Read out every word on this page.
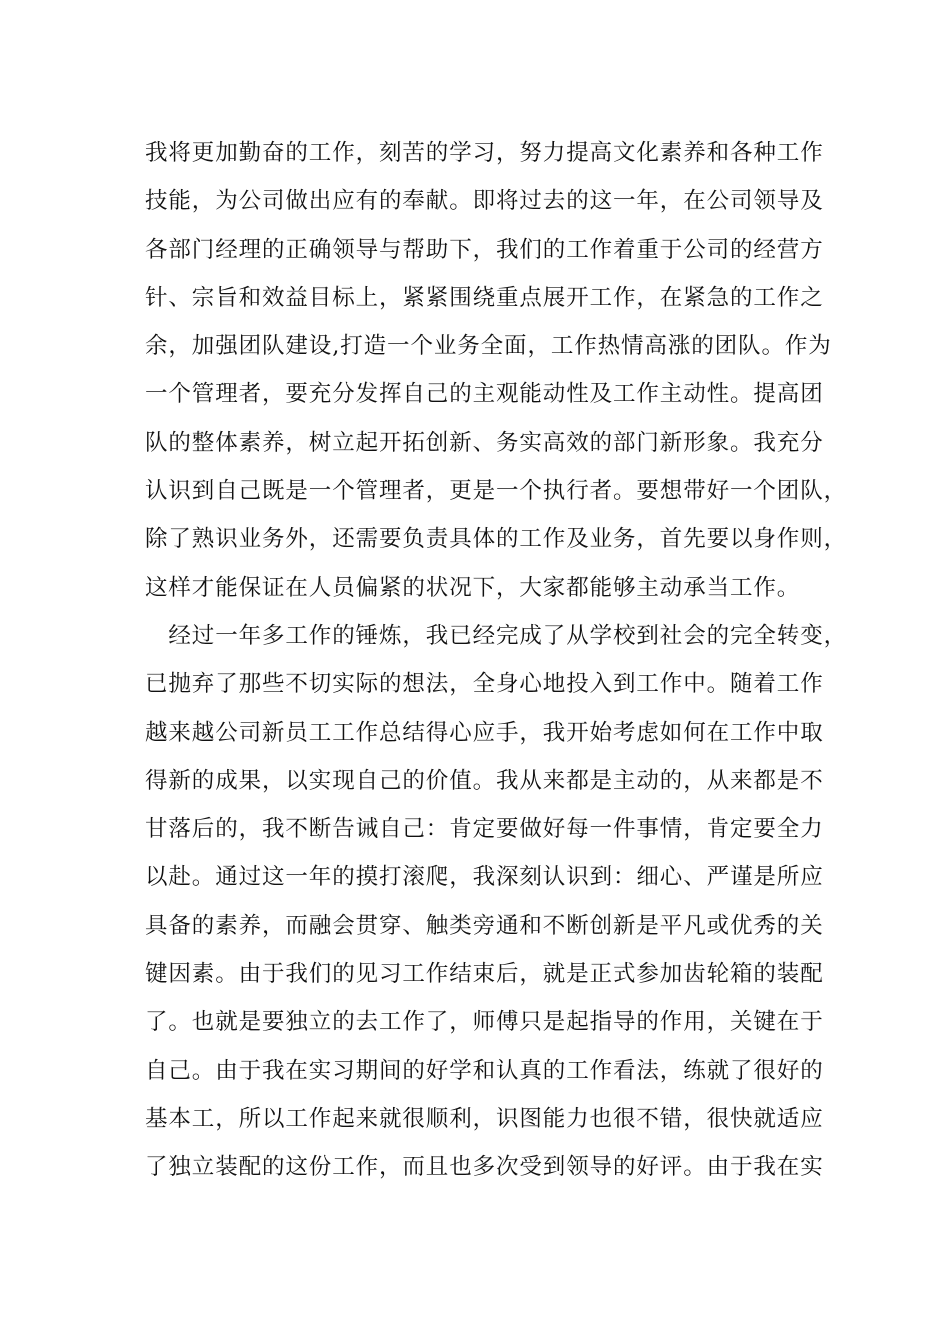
我将更加勤奋的工作，刻苦的学习，努力提高文化素养和各种工作
技能，为公司做出应有的奉献。即将过去的这一年，在公司领导及
各部门经理的正确领导与帮助下，我们的工作着重于公司的经营方
针、宗旨和效益目标上，紧紧围绕重点展开工作，在紧急的工作之
余，加强团队建设,打造一个业务全面，工作热情高涨的团队。作为
一个管理者，要充分发挥自己的主观能动性及工作主动性。提高团
队的整体素养，树立起开拓创新、务实高效的部门新形象。我充分
认识到自己既是一个管理者，更是一个执行者。要想带好一个团队，
除了熟识业务外，还需要负责具体的工作及业务，首先要以身作则，
这样才能保证在人员偏紧的状况下，大家都能够主动承当工作。
　经过一年多工作的锤炼，我已经完成了从学校到社会的完全转变，
已抛弃了那些不切实际的想法，全身心地投入到工作中。随着工作
越来越公司新员工工作总结得心应手，我开始考虑如何在工作中取
得新的成果，以实现自己的价值。我从来都是主动的，从来都是不
甘落后的，我不断告诫自己：肯定要做好每一件事情，肯定要全力
以赴。通过这一年的摸打滚爬，我深刻认识到：细心、严谨是所应
具备的素养，而融会贯穿、触类旁通和不断创新是平凡或优秀的关
键因素。由于我们的见习工作结束后，就是正式参加齿轮箱的装配
了。也就是要独立的去工作了，师傅只是起指导的作用，关键在于
自己。由于我在实习期间的好学和认真的工作看法，练就了很好的
基本工，所以工作起来就很顺利，识图能力也很不错，很快就适应
了独立装配的这份工作，而且也多次受到领导的好评。由于我在实
